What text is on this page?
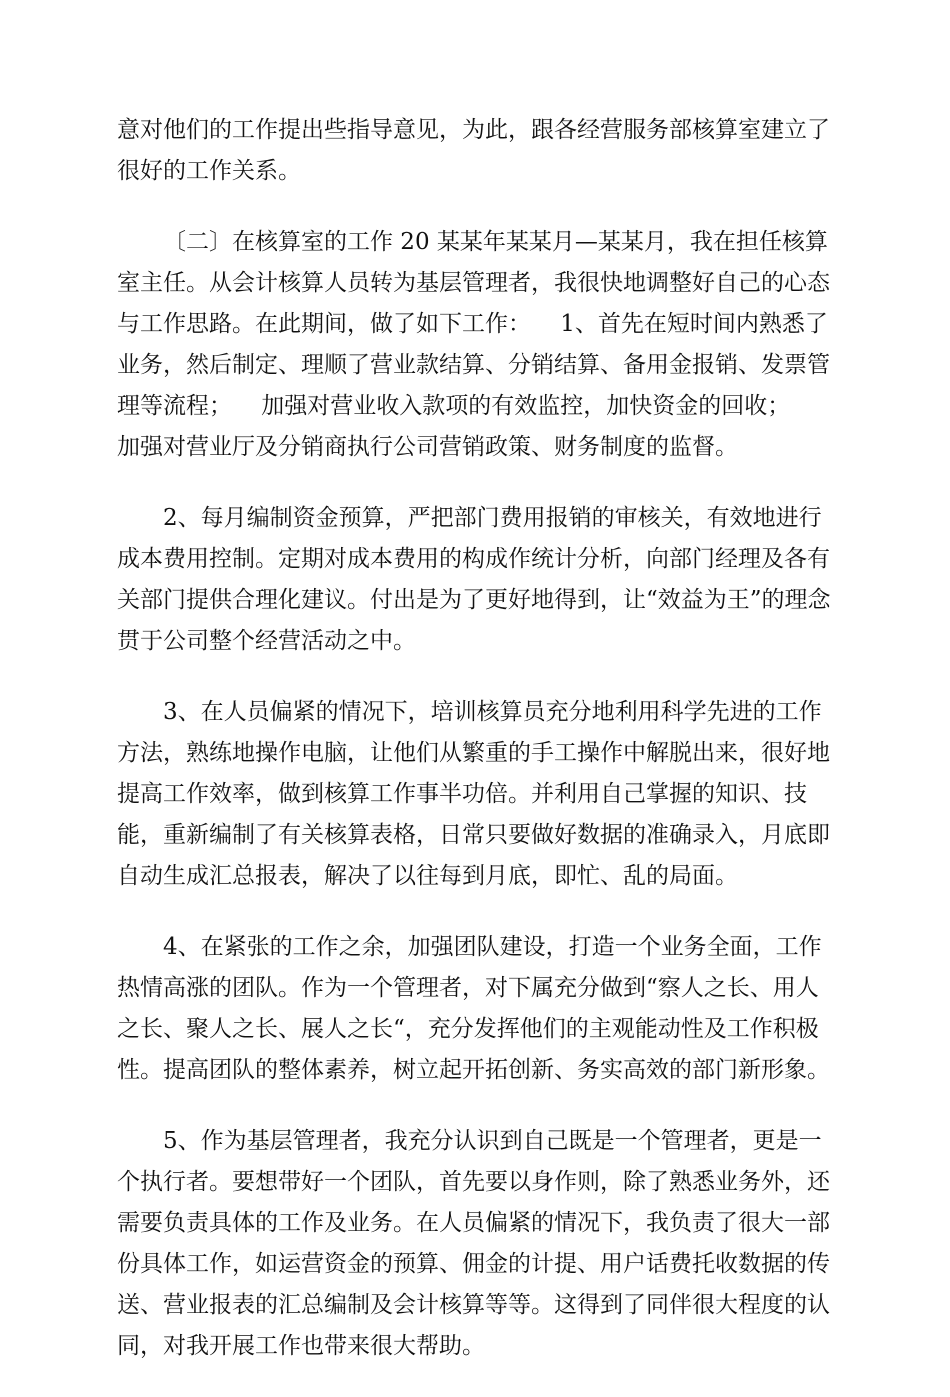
意对他们的工作提出些指导意见，为此，跟各经营服务部核算室建立了很好的工作关系。

〔二〕在核算室的工作 20 某某年某某月—某某月，我在担任核算室主任。从会计核算人员转为基层管理者，我很快地调整好自己的心态与工作思路。在此期间，做了如下工作：    1、首先在短时间内熟悉了业务，然后制定、理顺了营业款结算、分销结算、备用金报销、发票管理等流程；    加强对营业收入款项的有效监控，加快资金的回收；    加强对营业厅及分销商执行公司营销政策、财务制度的监督。

2、每月编制资金预算，严把部门费用报销的审核关，有效地进行成本费用控制。定期对成本费用的构成作统计分析，向部门经理及各有关部门提供合理化建议。付出是为了更好地得到，让“效益为王”的理念贯于公司整个经营活动之中。

3、在人员偏紧的情况下，培训核算员充分地利用科学先进的工作方法，熟练地操作电脑，让他们从繁重的手工操作中解脱出来，很好地提高工作效率，做到核算工作事半功倍。并利用自己掌握的知识、技能，重新编制了有关核算表格，日常只要做好数据的准确录入，月底即自动生成汇总报表，解决了以往每到月底，即忙、乱的局面。

4、在紧张的工作之余，加强团队建设，打造一个业务全面，工作热情高涨的团队。作为一个管理者，对下属充分做到“察人之长、用人之长、聚人之长、展人之长“，充分发挥他们的主观能动性及工作积极性。提高团队的整体素养，树立起开拓创新、务实高效的部门新形象。

5、作为基层管理者，我充分认识到自己既是一个管理者，更是一个执行者。要想带好一个团队，首先要以身作则，除了熟悉业务外，还需要负责具体的工作及业务。在人员偏紧的情况下，我负责了很大一部份具体工作，如运营资金的预算、佣金的计提、用户话费托收数据的传送、营业报表的汇总编制及会计核算等等。这得到了同伴很大程度的认同，对我开展工作也带来很大帮助。
